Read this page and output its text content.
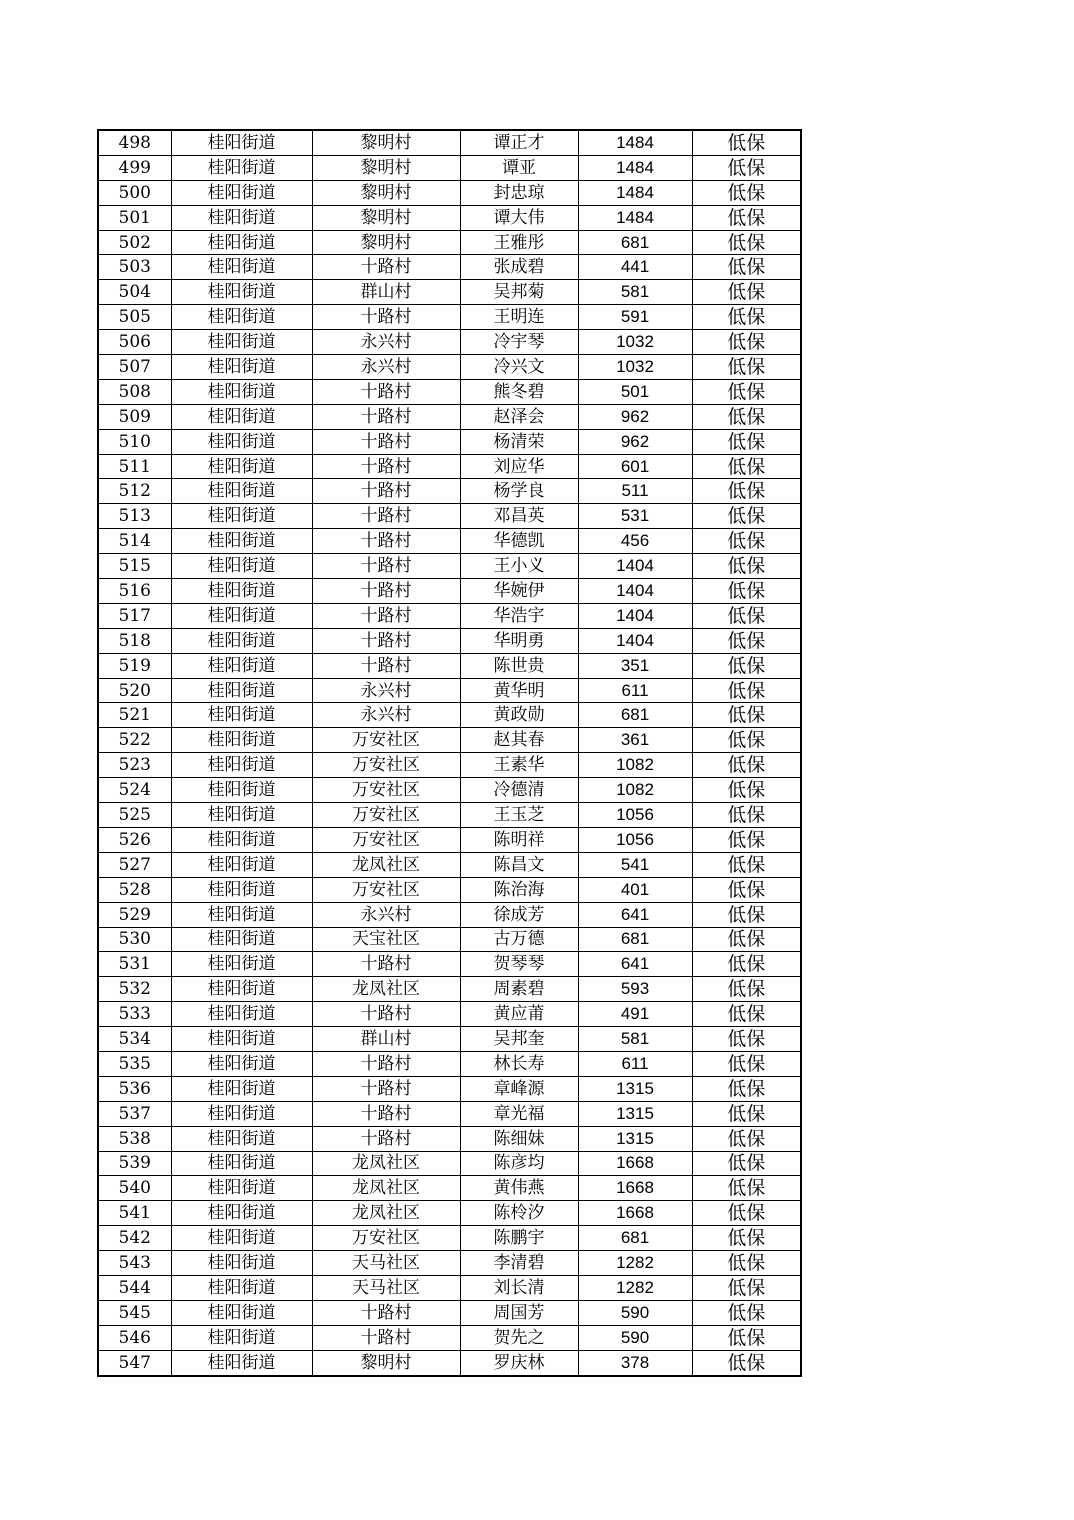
498	桂阳街道	黎明村	谭正才	1484	低保
499	桂阳街道	黎明村	谭亚	1484	低保
500	桂阳街道	黎明村	封忠琼	1484	低保
501	桂阳街道	黎明村	谭大伟	1484	低保
502	桂阳街道	黎明村	王雅彤	681	低保
503	桂阳街道	十路村	张成碧	441	低保
504	桂阳街道	群山村	吴邦菊	581	低保
505	桂阳街道	十路村	王明连	591	低保
506	桂阳街道	永兴村	冷宇琴	1032	低保
507	桂阳街道	永兴村	冷兴文	1032	低保
508	桂阳街道	十路村	熊冬碧	501	低保
509	桂阳街道	十路村	赵泽会	962	低保
510	桂阳街道	十路村	杨清荣	962	低保
511	桂阳街道	十路村	刘应华	601	低保
512	桂阳街道	十路村	杨学良	511	低保
513	桂阳街道	十路村	邓昌英	531	低保
514	桂阳街道	十路村	华德凯	456	低保
515	桂阳街道	十路村	王小义	1404	低保
516	桂阳街道	十路村	华婉伊	1404	低保
517	桂阳街道	十路村	华浩宇	1404	低保
518	桂阳街道	十路村	华明勇	1404	低保
519	桂阳街道	十路村	陈世贵	351	低保
520	桂阳街道	永兴村	黄华明	611	低保
521	桂阳街道	永兴村	黄政勋	681	低保
522	桂阳街道	万安社区	赵其春	361	低保
523	桂阳街道	万安社区	王素华	1082	低保
524	桂阳街道	万安社区	冷德清	1082	低保
525	桂阳街道	万安社区	王玉芝	1056	低保
526	桂阳街道	万安社区	陈明祥	1056	低保
527	桂阳街道	龙凤社区	陈昌文	541	低保
528	桂阳街道	万安社区	陈治海	401	低保
529	桂阳街道	永兴村	徐成芳	641	低保
530	桂阳街道	天宝社区	古万德	681	低保
531	桂阳街道	十路村	贺琴琴	641	低保
532	桂阳街道	龙凤社区	周素碧	593	低保
533	桂阳街道	十路村	黄应莆	491	低保
534	桂阳街道	群山村	吴邦奎	581	低保
535	桂阳街道	十路村	林长寿	611	低保
536	桂阳街道	十路村	章峰源	1315	低保
537	桂阳街道	十路村	章光福	1315	低保
538	桂阳街道	十路村	陈细妹	1315	低保
539	桂阳街道	龙凤社区	陈彦均	1668	低保
540	桂阳街道	龙凤社区	黄伟燕	1668	低保
541	桂阳街道	龙凤社区	陈柃汐	1668	低保
542	桂阳街道	万安社区	陈鹏宇	681	低保
543	桂阳街道	天马社区	李清碧	1282	低保
544	桂阳街道	天马社区	刘长清	1282	低保
545	桂阳街道	十路村	周国芳	590	低保
546	桂阳街道	十路村	贺先之	590	低保
547	桂阳街道	黎明村	罗庆林	378	低保
